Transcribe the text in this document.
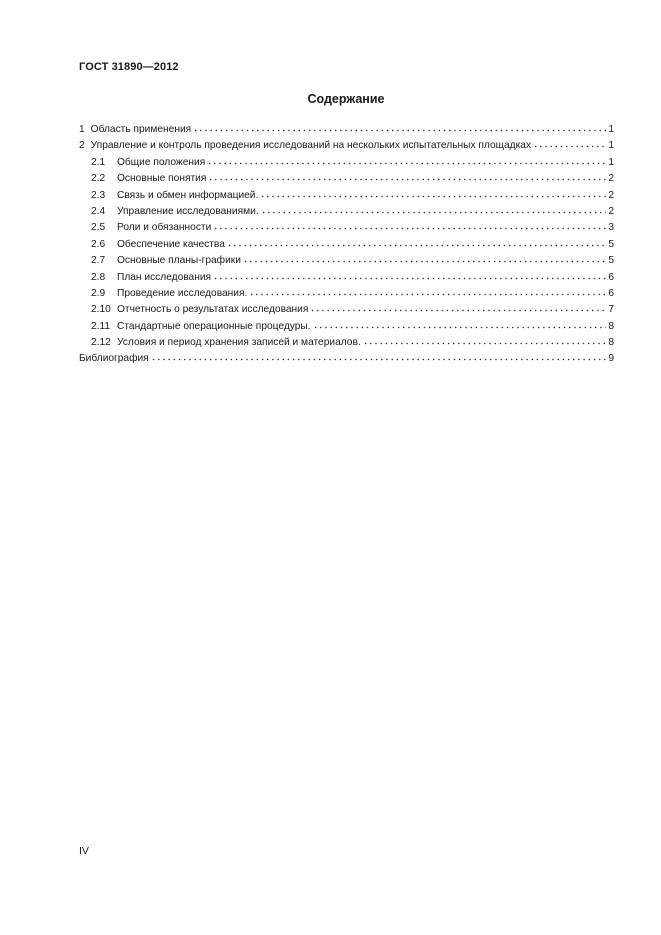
ГОСТ 31890—2012
Содержание
1 Область применения	1
2 Управление и контроль проведения исследований на нескольких испытательных площадках	1
2.1	Общие положения	1
2.2	Основные понятия	2
2.3	Связь и обмен информацией.	2
2.4	Управление исследованиями.	2
2.5	Роли и обязанности	3
2.6	Обеспечение качества	5
2.7	Основные планы-графики	5
2.8	План исследования	6
2.9	Проведение исследования.	6
2.10 Отчетность о результатах исследования	7
2.11 Стандартные операционные процедуры.	8
2.12 Условия и период хранения записей и материалов.	8
Библиография	9
IV
